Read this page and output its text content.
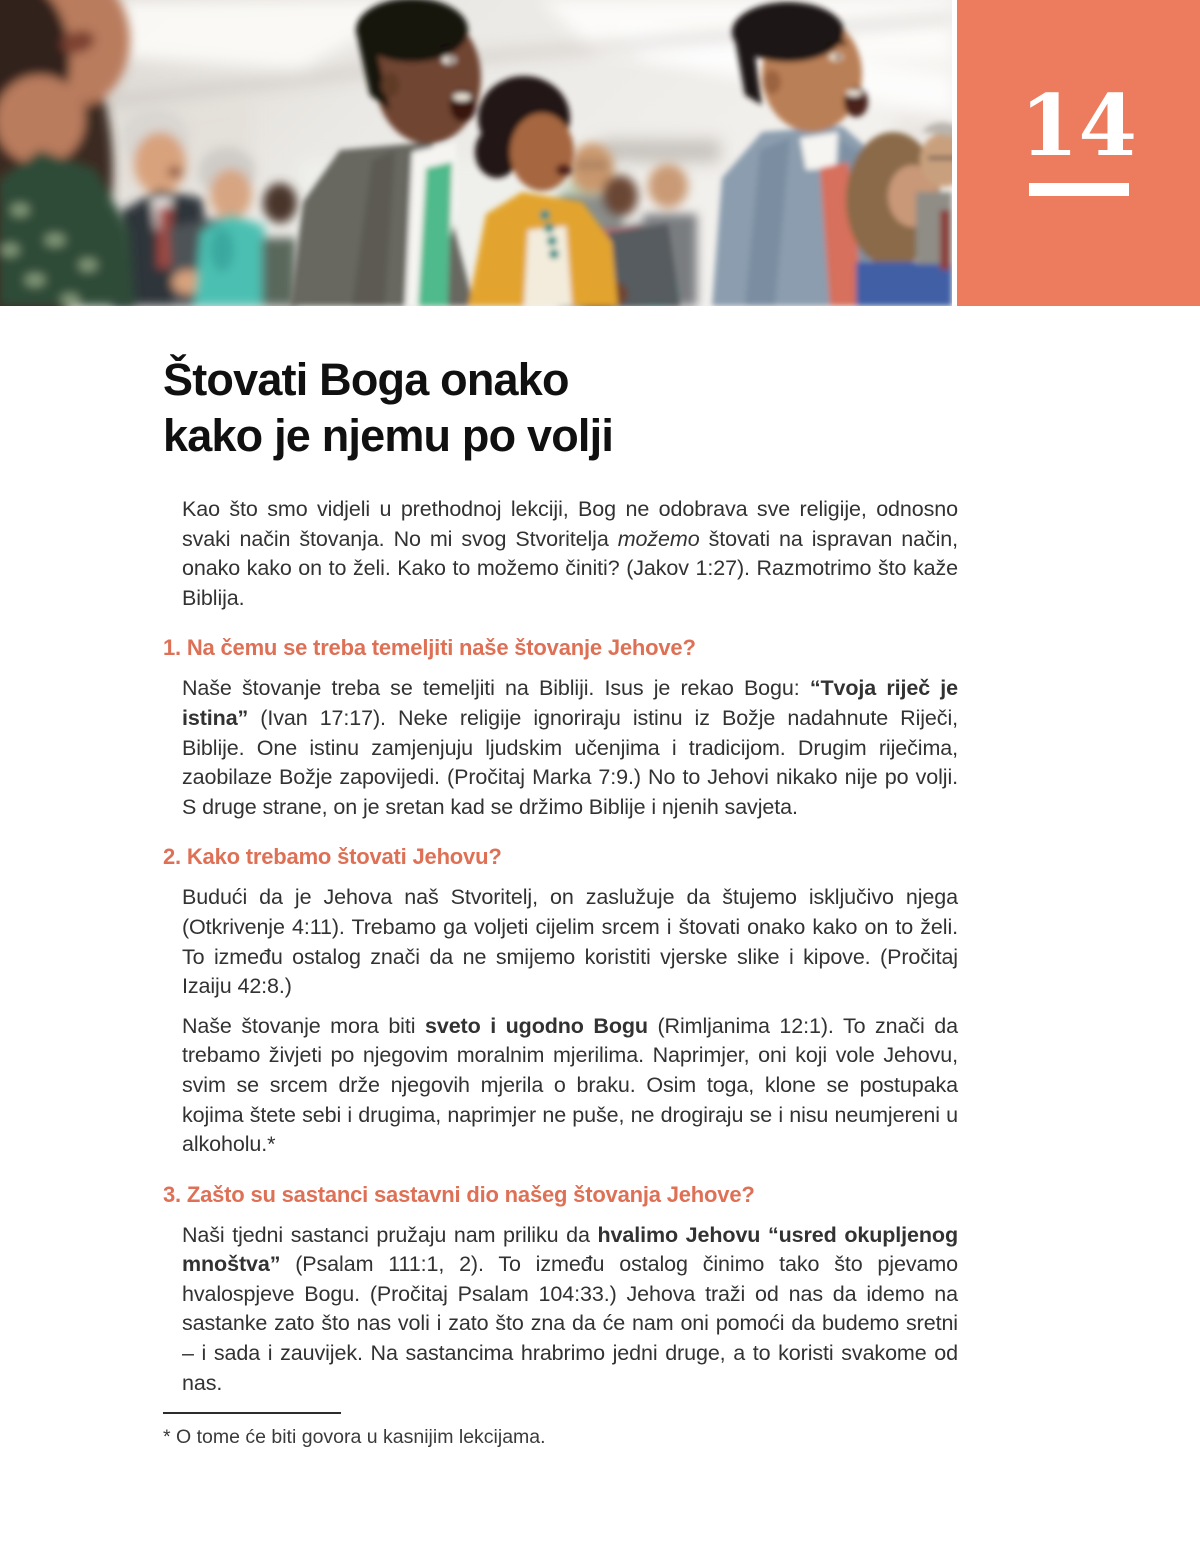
14
Štovati Boga onako
kako je njemu po volji

Kao što smo vidjeli u prethodnoj lekciji, Bog ne odobrava sve religije, odnosno svaki način štovanja. No mi svog Stvoritelja možemo štovati na ispravan način, onako kako on to želi. Kako to možemo činiti? (Jakov 1:27). Razmotrimo što kaže Biblija.

1. Na čemu se treba temeljiti naše štovanje Jehove?

Naše štovanje treba se temeljiti na Bibliji. Isus je rekao Bogu: “Tvoja riječ je istina” (Ivan 17:17). Neke religije ignoriraju istinu iz Božje nadahnute Riječi, Biblije. One istinu zamjenjuju ljudskim učenjima i tradicijom. Drugim riječima, zaobilaze Božje zapovijedi. (Pročitaj Marka 7:9.) No to Jehovi nikako nije po volji. S druge strane, on je sretan kad se držimo Biblije i njenih savjeta.

2. Kako trebamo štovati Jehovu?

Budući da je Jehova naš Stvoritelj, on zaslužuje da štujemo isključivo njega (Otkrivenje 4:11). Trebamo ga voljeti cijelim srcem i štovati onako kako on to želi. To između ostalog znači da ne smijemo koristiti vjerske slike i kipove. (Pročitaj Izaiju 42:8.)

Naše štovanje mora biti sveto i ugodno Bogu (Rimljanima 12:1). To znači da trebamo živjeti po njegovim moralnim mjerilima. Naprimjer, oni koji vole Jehovu, svim se srcem drže njegovih mjerila o braku. Osim toga, klone se postupaka kojima štete sebi i drugima, naprimjer ne puše, ne drogiraju se i nisu neumjereni u alkoholu.*

3. Zašto su sastanci sastavni dio našeg štovanja Jehove?

Naši tjedni sastanci pružaju nam priliku da hvalimo Jehovu “usred okupljenog mnoštva” (Psalam 111:1, 2). To između ostalog činimo tako što pjevamo hvalospjeve Bogu. (Pročitaj Psalam 104:33.) Jehova traži od nas da idemo na sastanke zato što nas voli i zato što zna da će nam oni pomoći da budemo sretni – i sada i zauvijek. Na sastancima hrabrimo jedni druge, a to koristi svakome od nas.

* O tome će biti govora u kasnijim lekcijama.
